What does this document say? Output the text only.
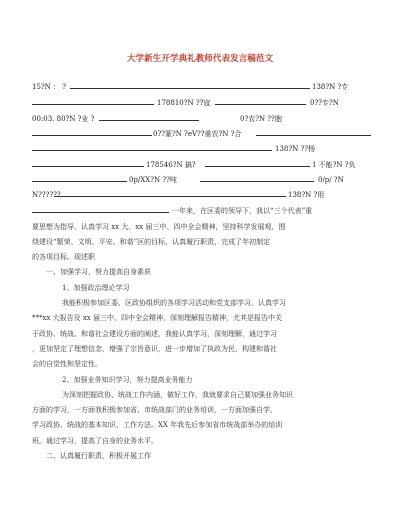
大学新生开学典礼教师代表发言稿范文
15?N ： ?	138?N ?专
178810?N ??寇	0??专?N
00:03. 80?N ?业 ?	0?农?N ??胞
0??篆?N ?eV??重农?N ?合
138?N ??杨
178546?N 搞?	1 不能?N ?负
0p/XX?N ??吨	0/p/ ?N
N??????	138?N ?用
一年来，在区委的领导下，我以“三个代表”重
要思想为指导，认真学习 xx 大、xx 届三中、四中全会精神，坚持科学发展观，围
绕建设“繁荣、文明、平安、和谐”区的目标，认真履行职责，完成了年初制定
的各项目标。现述职
一、加强学习，努力提高自身素质
1、加强政治理论学习
我能积极参加区委、区政协组织的各项学习活动和党支部学习。认真学习
***xx 大报告及 xx 届三中、四中全会精神，深刻理解报告精神，尤其是报告中关
于政协、统战、和谐社会建设方面的阐述，我能认真学习，深刻理解，通过学习
，更加坚定了理想信念，增强了宗旨意识，进一步增加了执政为民，构建和谐社
会的自觉性和坚定性。
2、加强业务知识学习，努力提高业务能力
为深刻把握政协、统战工作内涵，做好工作，我就要求自己要加强业务知识
方面的学习，一方面我积极参加省、市统战部门的业务培训，一方面加强自学，
学习政协、统战的基本知识，工作方法。XX 年我先后参加省市统战部举办的培训
班。通过学习，提高了自身的业务水平。
二、认真履行职责，积极开展工作
